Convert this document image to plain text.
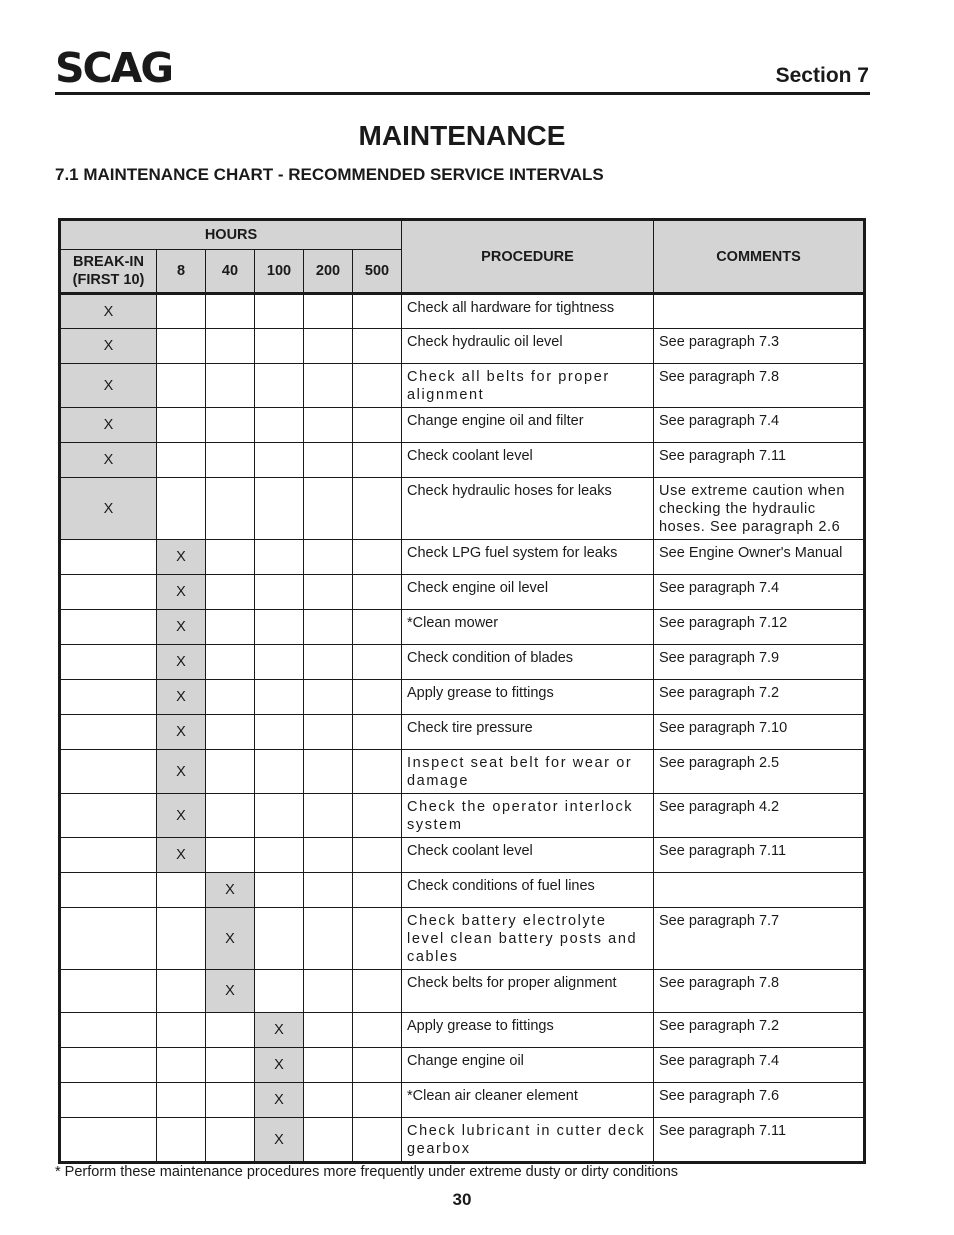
SCAG	Section 7
MAINTENANCE
7.1 MAINTENANCE CHART - RECOMMENDED SERVICE INTERVALS
HOURS						PROCEDURE	COMMENTS
BREAK-IN
(FIRST 10)	8	40	100	200	500		
X						Check all hardware for tightness	
X						Check hydraulic oil level	See paragraph 7.3
X						Check all belts for proper alignment	See paragraph 7.8
X						Change engine oil and filter	See paragraph 7.4
X						Check coolant level	See paragraph 7.11
X						Check hydraulic hoses for leaks	Use extreme caution when checking the hydraulic hoses. See paragraph 2.6
	X					Check LPG fuel system for leaks	See Engine Owner's Manual
	X					Check engine oil level	See paragraph 7.4
	X					*Clean mower	See paragraph 7.12
	X					Check condition of blades	See paragraph 7.9
	X					Apply grease to fittings	See paragraph 7.2
	X					Check tire pressure	See paragraph 7.10
	X					Inspect seat belt for wear or damage	See paragraph 2.5
	X					Check the operator interlock system	See paragraph 4.2
	X					Check coolant level	See paragraph 7.11
		X				Check conditions of fuel lines	
		X				Check battery electrolyte level clean battery posts and cables	See paragraph 7.7
		X				Check belts for proper alignment	See paragraph 7.8
			X			Apply grease to fittings	See paragraph 7.2
			X			Change engine oil	See paragraph 7.4
			X			*Clean air cleaner element	See paragraph 7.6
			X			Check lubricant in cutter deck gearbox	See paragraph 7.11
* Perform these maintenance procedures more frequently under extreme dusty or dirty conditions
30
